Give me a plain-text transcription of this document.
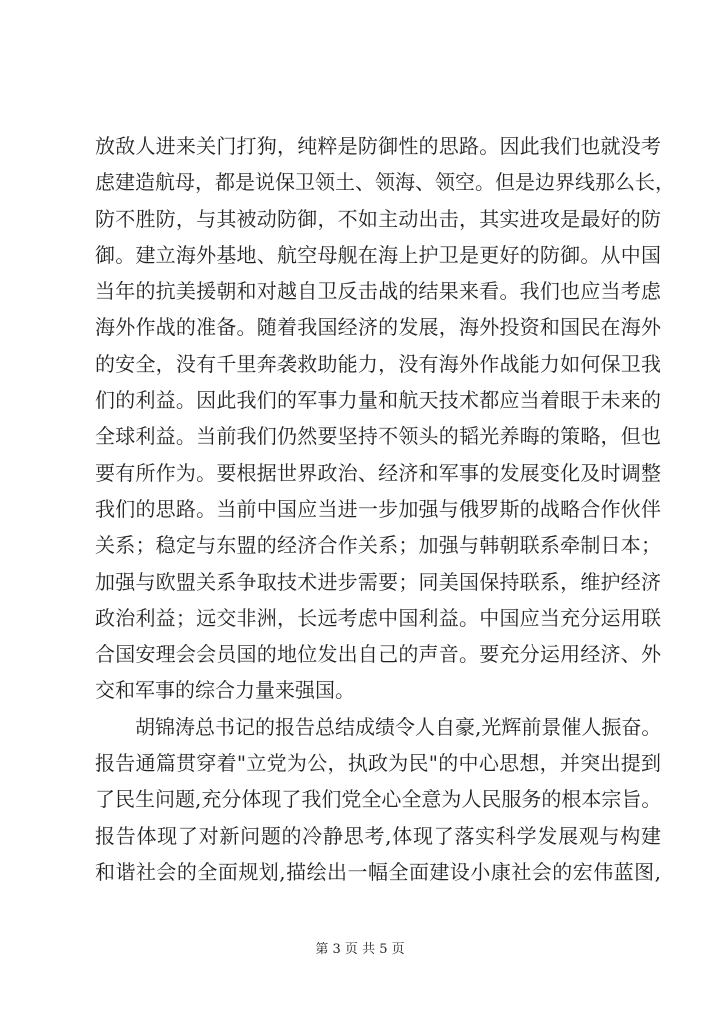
放敌人进来关门打狗，纯粹是防御性的思路。因此我们也就没考
虑建造航母，都是说保卫领土、领海、领空。但是边界线那么长，
防不胜防，与其被动防御，不如主动出击，其实进攻是最好的防
御。建立海外基地、航空母舰在海上护卫是更好的防御。从中国
当年的抗美援朝和对越自卫反击战的结果来看。我们也应当考虑
海外作战的准备。随着我国经济的发展，海外投资和国民在海外
的安全，没有千里奔袭救助能力，没有海外作战能力如何保卫我
们的利益。因此我们的军事力量和航天技术都应当着眼于未来的
全球利益。当前我们仍然要坚持不领头的韬光养晦的策略，但也
要有所作为。要根据世界政治、经济和军事的发展变化及时调整
我们的思路。当前中国应当进一步加强与俄罗斯的战略合作伙伴
关系；稳定与东盟的经济合作关系；加强与韩朝联系牵制日本；
加强与欧盟关系争取技术进步需要；同美国保持联系，维护经济
政治利益；远交非洲，长远考虑中国利益。中国应当充分运用联
合国安理会会员国的地位发出自己的声音。要充分运用经济、外
交和军事的综合力量来强国。
胡锦涛总书记的报告总结成绩令人自豪,光辉前景催人振奋。
报告通篇贯穿着"立党为公，执政为民"的中心思想，并突出提到
了民生问题,充分体现了我们党全心全意为人民服务的根本宗旨。
报告体现了对新问题的冷静思考,体现了落实科学发展观与构建
和谐社会的全面规划,描绘出一幅全面建设小康社会的宏伟蓝图,
第 3 页 共 5 页
